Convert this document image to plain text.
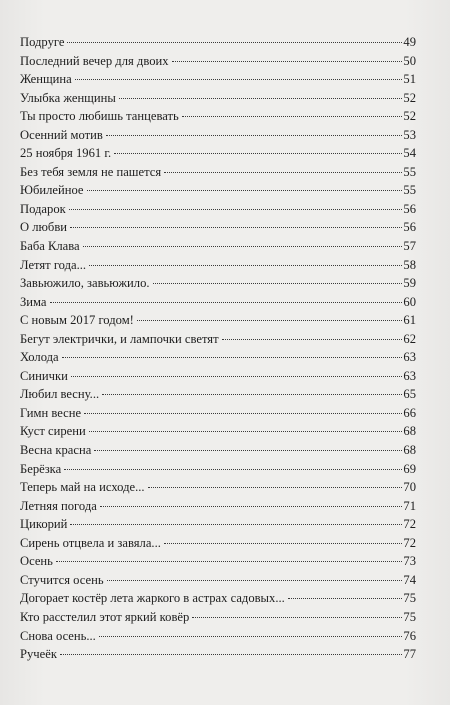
Подруге	49
Последний вечер для двоих	50
Женщина	51
Улыбка женщины	52
Ты просто любишь танцевать	52
Осенний мотив	53
25 ноября 1961 г.	54
Без тебя земля не пашется	55
Юбилейное	55
Подарок	56
О любви	56
Баба Клава	57
Летят года...	58
Завьюжило, завьюжило.	59
Зима	60
С новым 2017 годом!	61
Бегут электрички, и лампочки светят	62
Холода	63
Синички	63
Любил весну...	65
Гимн весне	66
Куст сирени	68
Весна красна	68
Берёзка	69
Теперь май на исходе...	70
Летняя погода	71
Цикорий	72
Сирень отцвела и завяла...	72
Осень	73
Стучится осень	74
Догорает костёр лета жаркого в астрах садовых...	75
Кто расстелил этот яркий ковёр	75
Снова осень...	76
Ручеёк	77
